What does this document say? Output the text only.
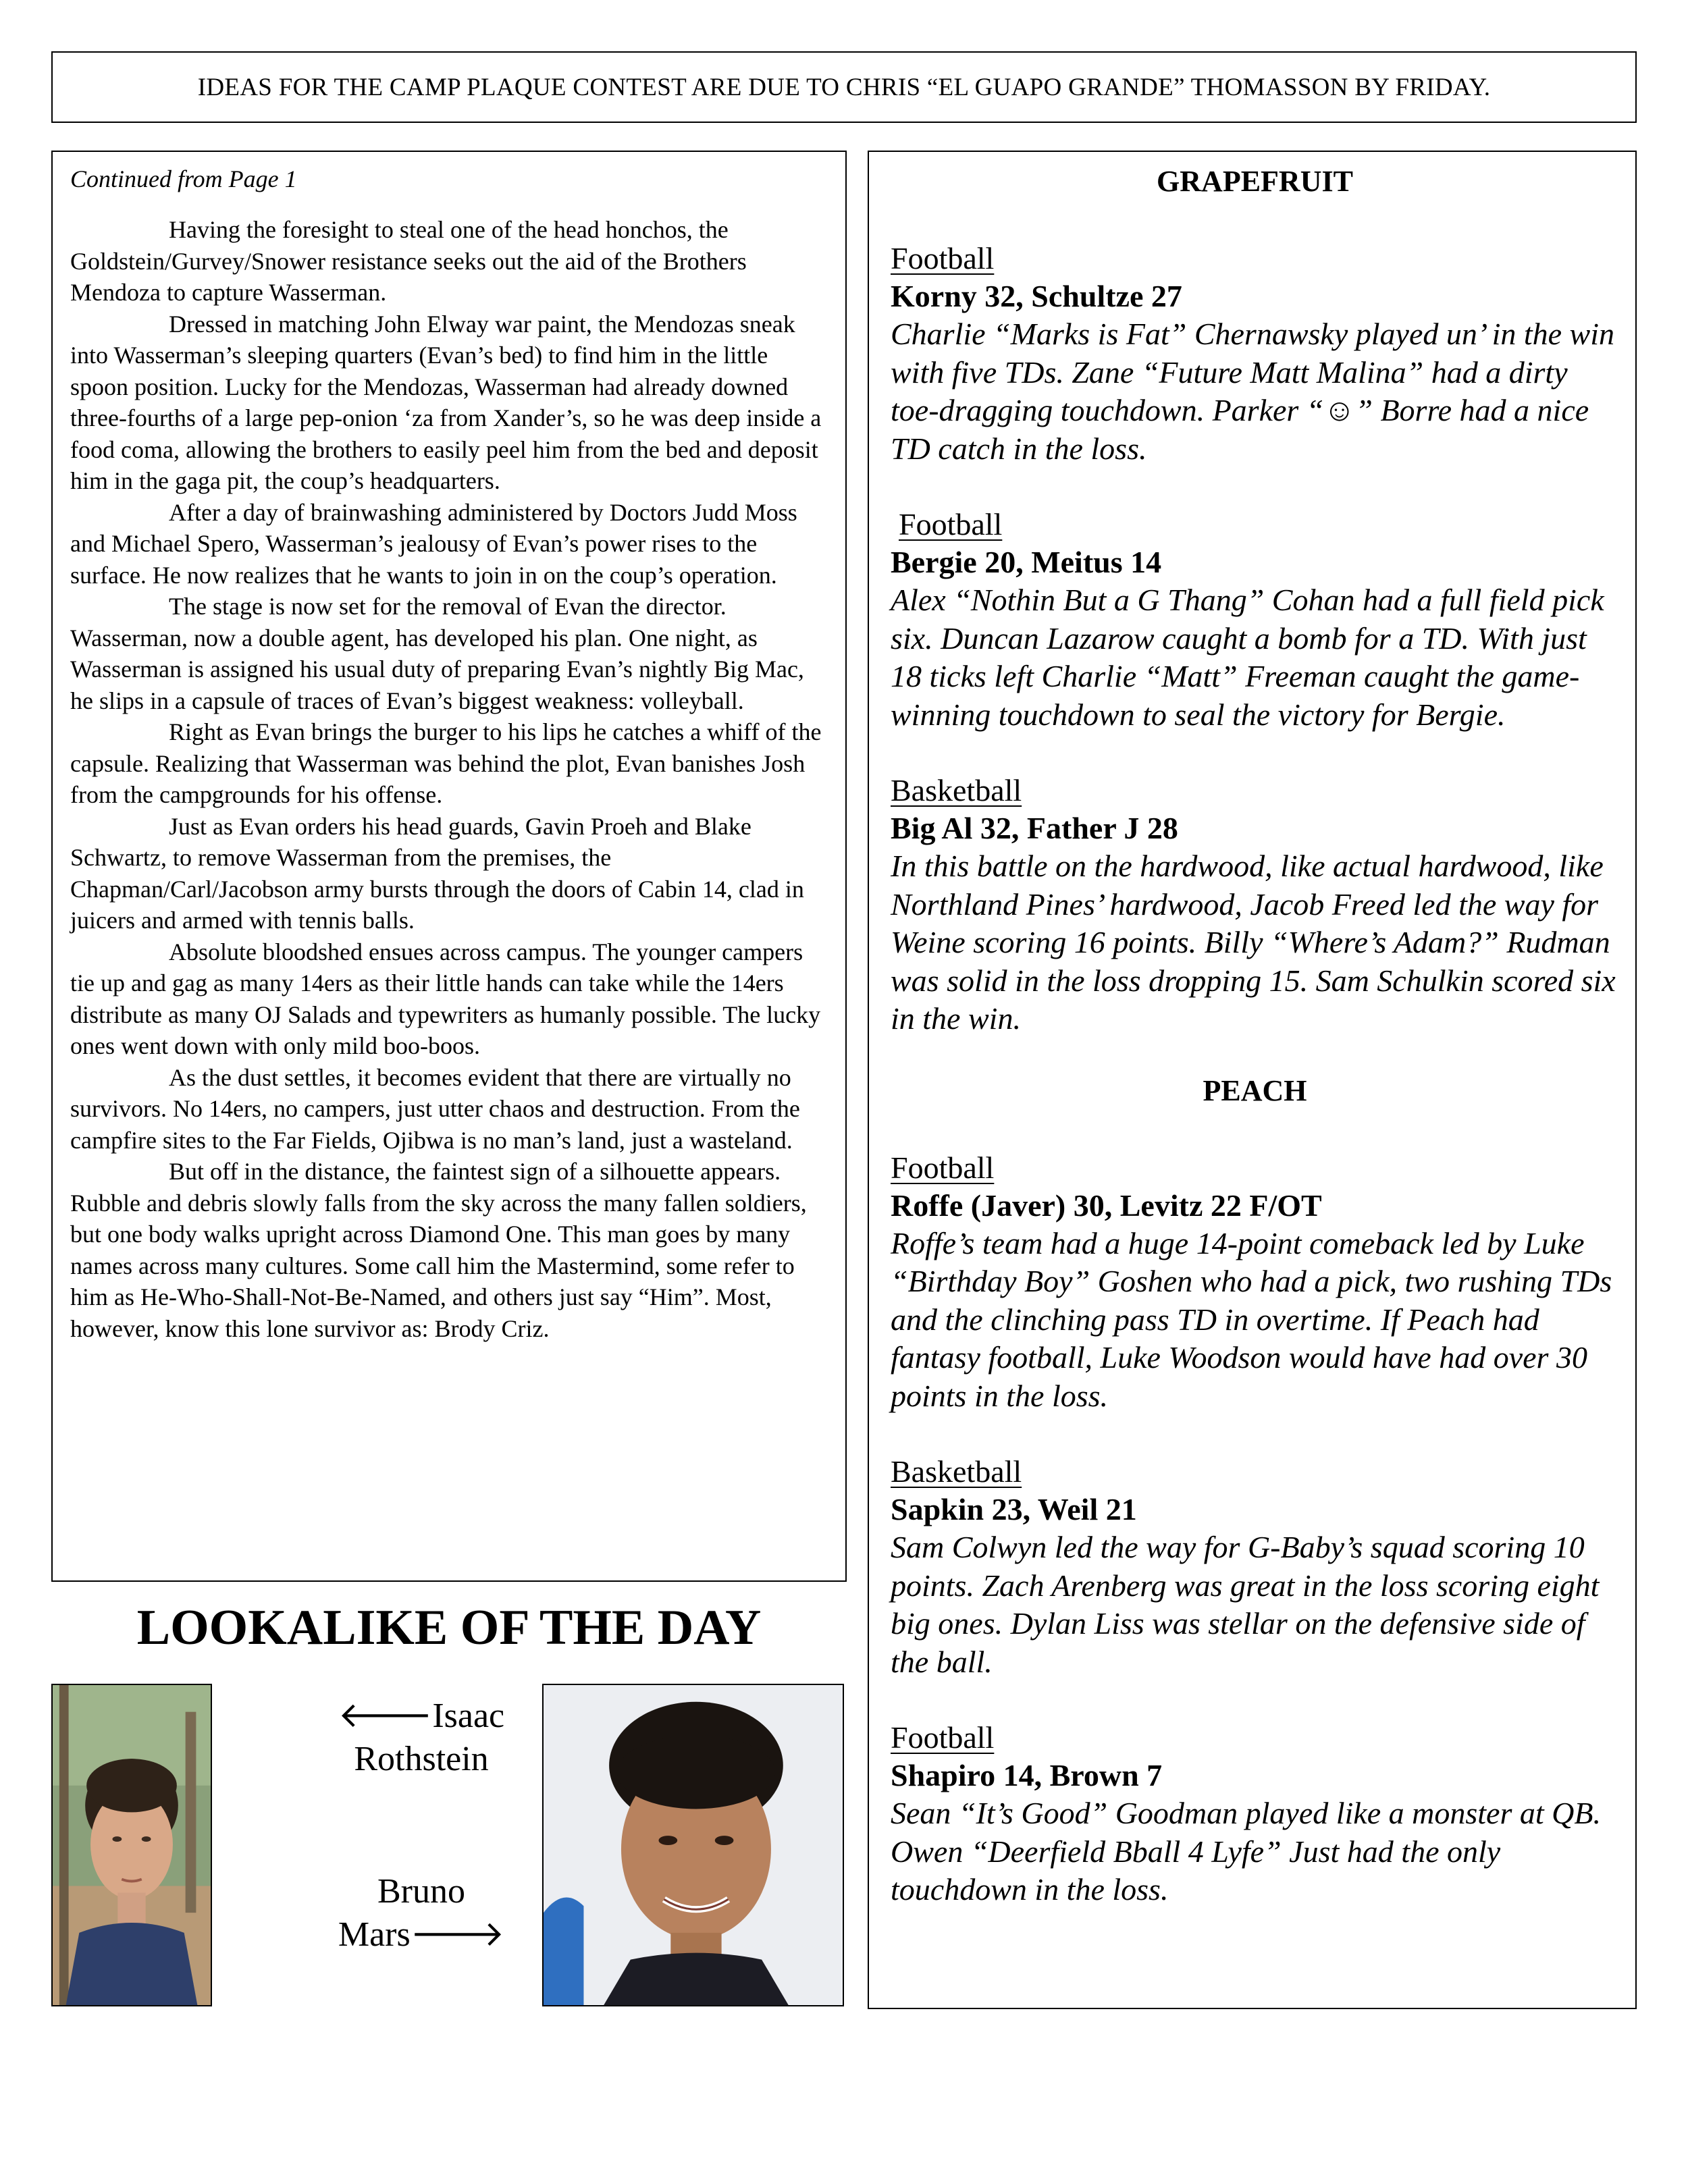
IDEAS FOR THE CAMP PLAQUE CONTEST ARE DUE TO CHRIS “EL GUAPO GRANDE” THOMASSON BY FRIDAY.
Continued from Page 1

Having the foresight to steal one of the head honchos, the Goldstein/Gurvey/Snower resistance seeks out the aid of the Brothers Mendoza to capture Wasserman.

Dressed in matching John Elway war paint, the Mendozas sneak into Wasserman’s sleeping quarters (Evan’s bed) to find him in the little spoon position. Lucky for the Mendozas, Wasserman had already downed three-fourths of a large pep-onion ‘za from Xander’s, so he was deep inside a food coma, allowing the brothers to easily peel him from the bed and deposit him in the gaga pit, the coup’s headquarters.

After a day of brainwashing administered by Doctors Judd Moss and Michael Spero, Wasserman’s jealousy of Evan’s power rises to the surface. He now realizes that he wants to join in on the coup’s operation.

The stage is now set for the removal of Evan the director. Wasserman, now a double agent, has developed his plan. One night, as Wasserman is assigned his usual duty of preparing Evan’s nightly Big Mac, he slips in a capsule of traces of Evan’s biggest weakness: volleyball.

Right as Evan brings the burger to his lips he catches a whiff of the capsule. Realizing that Wasserman was behind the plot, Evan banishes Josh from the campgrounds for his offense.

Just as Evan orders his head guards, Gavin Proeh and Blake Schwartz, to remove Wasserman from the premises, the Chapman/Carl/Jacobson army bursts through the doors of Cabin 14, clad in juicers and armed with tennis balls.

Absolute bloodshed ensues across campus. The younger campers tie up and gag as many 14ers as their little hands can take while the 14ers distribute as many OJ Salads and typewriters as humanly possible. The lucky ones went down with only mild boo-boos.

As the dust settles, it becomes evident that there are virtually no survivors. No 14ers, no campers, just utter chaos and destruction. From the campfire sites to the Far Fields, Ojibwa is no man’s land, just a wasteland.

But off in the distance, the faintest sign of a silhouette appears. Rubble and debris slowly falls from the sky across the many fallen soldiers, but one body walks upright across Diamond One. This man goes by many names across many cultures. Some call him the Mastermind, some refer to him as He-Who-Shall-Not-Be-Named, and others just say “Him”. Most, however, know this lone survivor as: Brody Criz.

LOOKALIKE OF THE DAY
🡐Isaac
Rothstein
Bruno
Mars🡒
GRAPEFRUIT
Football
Korny 32, Schultze 27
Charlie “Marks is Fat” Chernawsky played un’ in the win with five TDs. Zane “Future Matt Malina” had a dirty toe-dragging touchdown. Parker “☺” Borre had a nice TD catch in the loss.
Football
Bergie 20, Meitus 14
Alex “Nothin But a G Thang” Cohan had a full field pick six. Duncan Lazarow caught a bomb for a TD. With just 18 ticks left Charlie “Matt” Freeman caught the game-winning touchdown to seal the victory for Bergie.
Basketball
Big Al 32, Father J 28
In this battle on the hardwood, like actual hardwood, like Northland Pines’ hardwood, Jacob Freed led the way for Weine scoring 16 points. Billy “Where’s Adam?” Rudman was solid in the loss dropping 15. Sam Schulkin scored six in the win.
PEACH
Football
Roffe (Javer) 30, Levitz 22 F/OT
Roffe’s team had a huge 14-point comeback led by Luke “Birthday Boy” Goshen who had a pick, two rushing TDs and the clinching pass TD in overtime. If Peach had fantasy football, Luke Woodson would have had over 30 points in the loss.
Basketball
Sapkin 23, Weil 21
Sam Colwyn led the way for G-Baby’s squad scoring 10 points. Zach Arenberg was great in the loss scoring eight big ones. Dylan Liss was stellar on the defensive side of the ball.
Football
Shapiro 14, Brown 7
Sean “It’s Good” Goodman played like a monster at QB. Owen “Deerfield Bball 4 Lyfe” Just had the only touchdown in the loss.
